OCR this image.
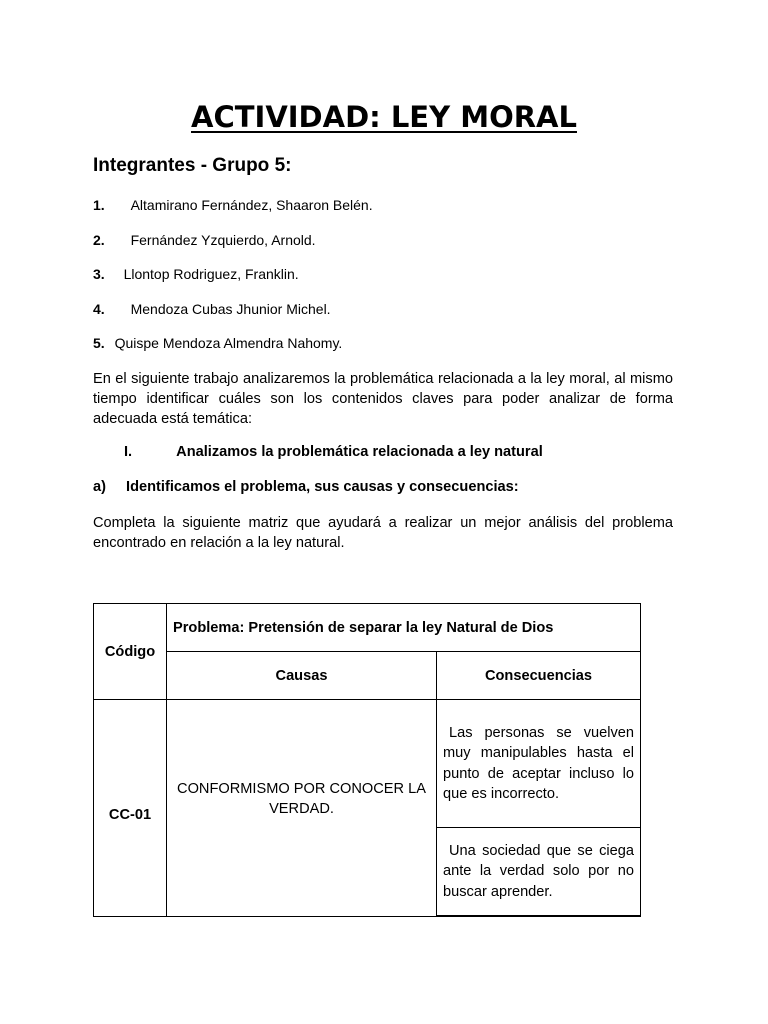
ACTIVIDAD: LEY MORAL
Integrantes - Grupo 5:
1. Altamirano Fernández, Shaaron Belén.
2. Fernández Yzquierdo, Arnold.
3. Llontop Rodriguez, Franklin.
4. Mendoza Cubas Jhunior Michel.
5. Quispe Mendoza Almendra Nahomy.
En el siguiente trabajo analizaremos la problemática relacionada a la ley moral, al mismo tiempo identificar cuáles son los contenidos claves para poder analizar de forma adecuada está temática:
I.	Analizamos la problemática relacionada a ley natural
a) Identificamos el problema, sus causas y consecuencias:
Completa la siguiente matriz que ayudará a realizar un mejor análisis del problema encontrado en relación a la ley natural.
Código	Problema: Pretensión de separar la ley Natural de Dios	
	Causas	Consecuencias
CC-01	CONFORMISMO POR CONOCER LA VERDAD.	Las personas se vuelven muy manipulables hasta el punto de aceptar incluso lo que es incorrecto.
		Una sociedad que se ciega ante la verdad solo por no buscar aprender.
